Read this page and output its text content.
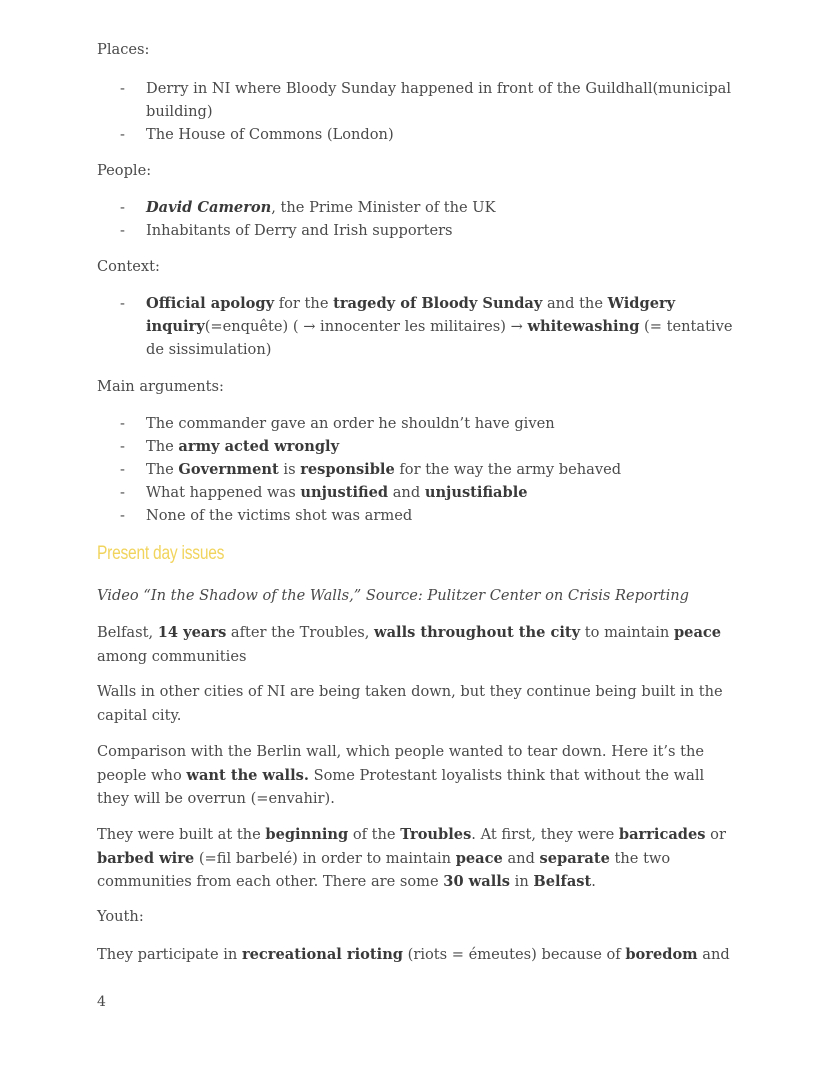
Places:

- Derry in NI where Bloody Sunday happened in front of the Guildhall(municipal building)
- The House of Commons (London)

People:

- David Cameron, the Prime Minister of the UK
- Inhabitants of Derry and Irish supporters

Context:

- Official apology for the tragedy of Bloody Sunday and the Widgery inquiry(=enquête) ( → innocenter les militaires) → whitewashing (= tentative de sissimulation)

Main arguments:

- The commander gave an order he shouldn’t have given
- The army acted wrongly
- The Government is responsible for the way the army behaved
- What happened was unjustified and unjustifiable
- None of the victims shot was armed
Present day issues

Video “In the Shadow of the Walls,” Source: Pulitzer Center on Crisis Reporting

Belfast, 14 years after the Troubles, walls throughout the city to maintain peace among communities

Walls in other cities of NI are being taken down, but they continue being built in the capital city.

Comparison with the Berlin wall, which people wanted to tear down. Here it’s the people who want the walls. Some Protestant loyalists think that without the wall they will be overrun (=envahir).

They were built at the beginning of the Troubles. At first, they were barricades or barbed wire (=fil barbelé) in order to maintain peace and separate the two communities from each other. There are some 30 walls in Belfast.

Youth:

They participate in recreational rioting (riots = émeutes) because of boredom and

4
